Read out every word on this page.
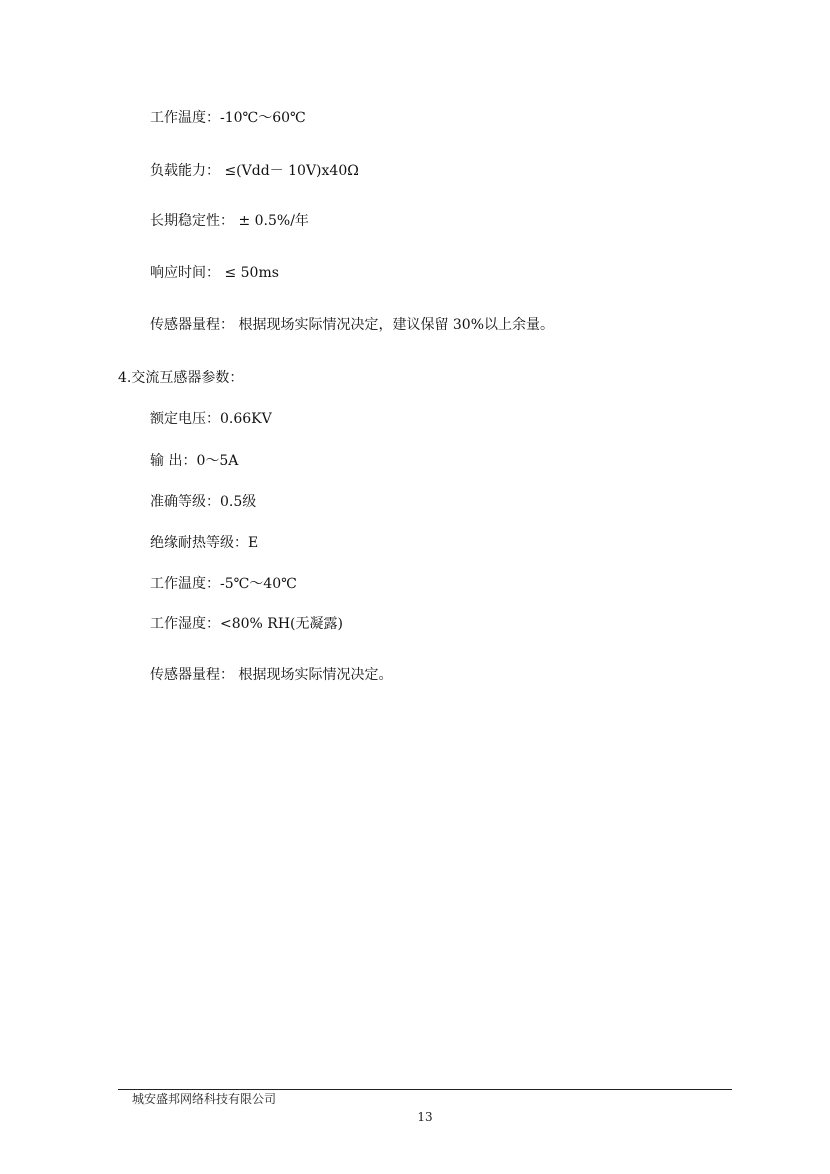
工作温度：-10℃～60℃
负载能力： ≤(Vdd－ 10V)x40Ω
长期稳定性： ± 0.5%/年
响应时间： ≤ 50ms
传感器量程： 根据现场实际情况决定，建议保留 30%以上余量。
4.交流互感器参数：
额定电压：0.66KV
输 出：0～5A
准确等级：0.5级
绝缘耐热等级：E
工作温度：-5℃～40℃
工作湿度：<80% RH(无凝露)
传感器量程： 根据现场实际情况决定。
城安盛邦网络科技有限公司
13
